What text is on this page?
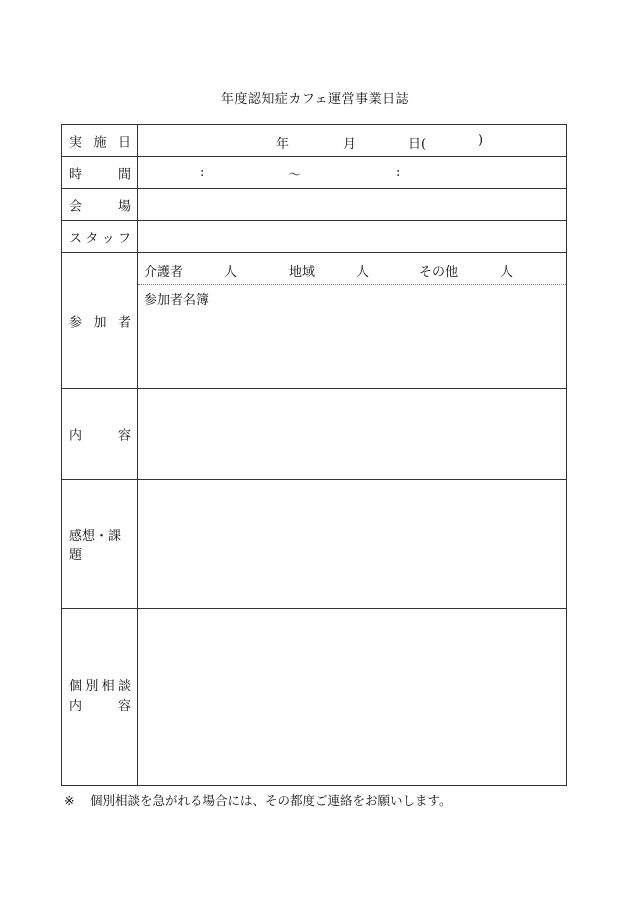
年度認知症カフェ運営事業日誌
実 施 日	年	月	日(	)
時	間	:	〜	:
会	場
ス タ ッ フ
参 加 者
介護者	人	地域	人	その他	人
参加者名簿
内	容
感想・課題
個 別 相 談
内	容
※ 個別相談を急がれる場合には、その都度ご連絡をお願いします。
